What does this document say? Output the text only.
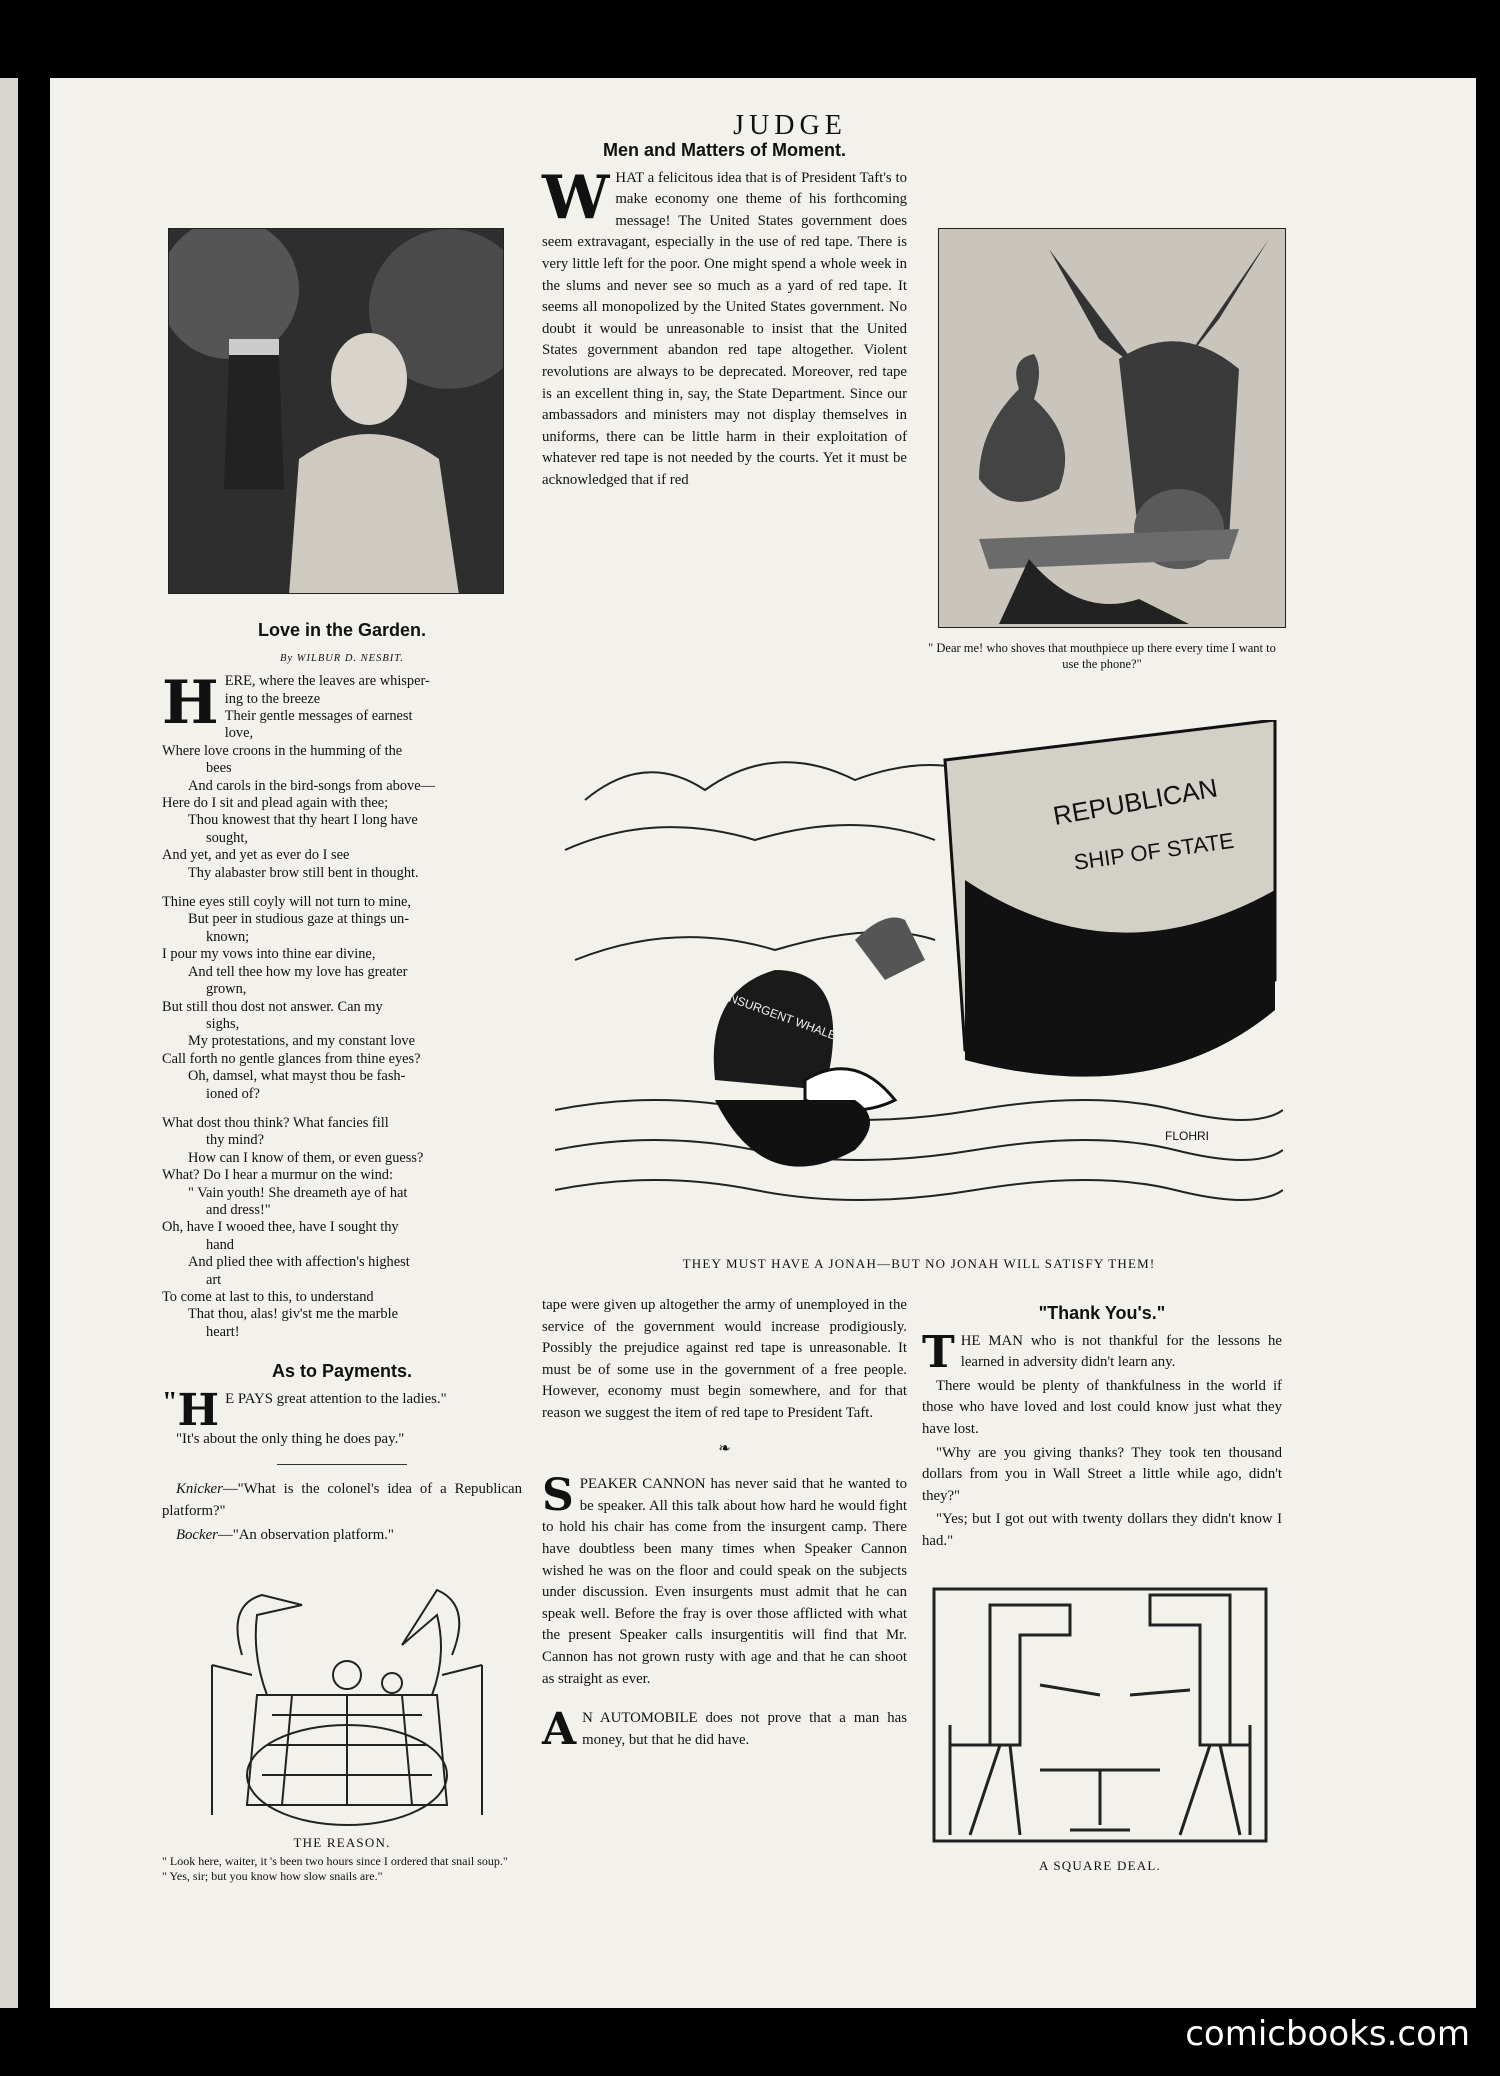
JUDGE
Love in the Garden.
By WILBUR D. NESBIT.
H ERE, where the leaves are whisper-
ing to the breeze
Their gentle messages of earnest
love,
Where love croons in the humming of the
bees
And carols in the bird-songs from above—
Here do I sit and plead again with thee;
Thou knowest that thy heart I long have
sought,
And yet, and yet as ever do I see
Thy alabaster brow still bent in thought.
Thine eyes still coyly will not turn to mine,
But peer in studious gaze at things un-
known;
I pour my vows into thine ear divine,
And tell thee how my love has greater
grown,
But still thou dost not answer. Can my
sighs,
My protestations, and my constant love
Call forth no gentle glances from thine eyes?
Oh, damsel, what mayst thou be fash-
ioned of?
What dost thou think? What fancies fill
thy mind?
How can I know of them, or even guess?
What? Do I hear a murmur on the wind:
" Vain youth! She dreameth aye of hat
and dress!"
Oh, have I wooed thee, have I sought thy
hand
And plied thee with affection's highest
art
To come at last to this, to understand
That thou, alas! giv'st me the marble
heart!
As to Payments.

" H E PAYS great attention to the ladies."

"It's about the only thing he does pay."

Knicker—"What is the colonel's idea of a Republican platform?"

Bocker—"An observation platform."

THE REASON.
" Look here, waiter, it 's been two hours since I ordered that snail soup."
" Yes, sir; but you know how slow snails are."
Men and Matters of Moment.

WHAT a felicitous idea that is of President Taft's to make economy one theme of his forthcoming message! The United States government does seem extravagant, especially in the use of red tape. There is very little left for the poor. One might spend a whole week in the slums and never see so much as a yard of red tape. It seems all monopolized by the United States government. No doubt it would be unreasonable to insist that the United States government abandon red tape altogether. Violent revolutions are always to be deprecated. Moreover, red tape is an excellent thing in, say, the State Department. Since our ambassadors and ministers may not display themselves in uniforms, there can be little harm in their exploitation of whatever red tape is not needed by the courts. Yet it must be acknowledged that if red

" Dear me! who shoves that mouthpiece up there every time I want to use the phone?"
REPUBLICAN
SHIP OF STATE
INSURGENT WHALE
FLOHRI
THEY MUST HAVE A JONAH—BUT NO JONAH WILL SATISFY THEM!

tape were given up altogether the army of unemployed in the service of the government would increase prodigiously. Possibly the prejudice against red tape is unreasonable. It must be of some use in the government of a free people. However, economy must begin somewhere, and for that reason we suggest the item of red tape to President Taft.

❧

SPEAKER CANNON has never said that he wanted to be speaker. All this talk about how hard he would fight to hold his chair has come from the insurgent camp. There have doubtless been many times when Speaker Cannon wished he was on the floor and could speak on the subjects under discussion. Even insurgents must admit that he can speak well. Before the fray is over those afflicted with what the present Speaker calls insurgentitis will find that Mr. Cannon has not grown rusty with age and that he can shoot as straight as ever.

A N AUTOMOBILE does not prove that a man has money, but that he did have.

"Thank You's."

THE MAN who is not thankful for the lessons he learned in adversity didn't learn any.

There would be plenty of thankfulness in the world if those who have loved and lost could know just what they have lost.

"Why are you giving thanks? They took ten thousand dollars from you in Wall Street a little while ago, didn't they?"

"Yes; but I got out with twenty dollars they didn't know I had."

A SQUARE DEAL.
comicbooks.com
